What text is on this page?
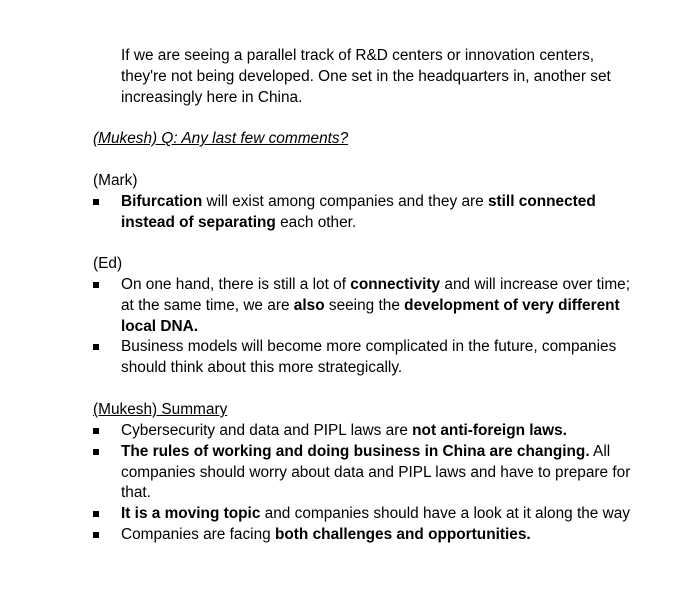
If we are seeing a parallel track of R&D centers or innovation centers,
they're not being developed. One set in the headquarters in, another set
increasingly here in China.

(Mukesh) Q: Any last few comments?

(Mark)

Bifurcation will exist among companies and they are still connected
instead of separating each other.

(Ed)

On one hand, there is still a lot of connectivity and will increase over time;
at the same time, we are also seeing the development of very different
local DNA.
Business models will become more complicated in the future, companies
should think about this more strategically.

(Mukesh) Summary

Cybersecurity and data and PIPL laws are not anti-foreign laws.
The rules of working and doing business in China are changing. All
companies should worry about data and PIPL laws and have to prepare for
that.
It is a moving topic and companies should have a look at it along the way
Companies are facing both challenges and opportunities.
